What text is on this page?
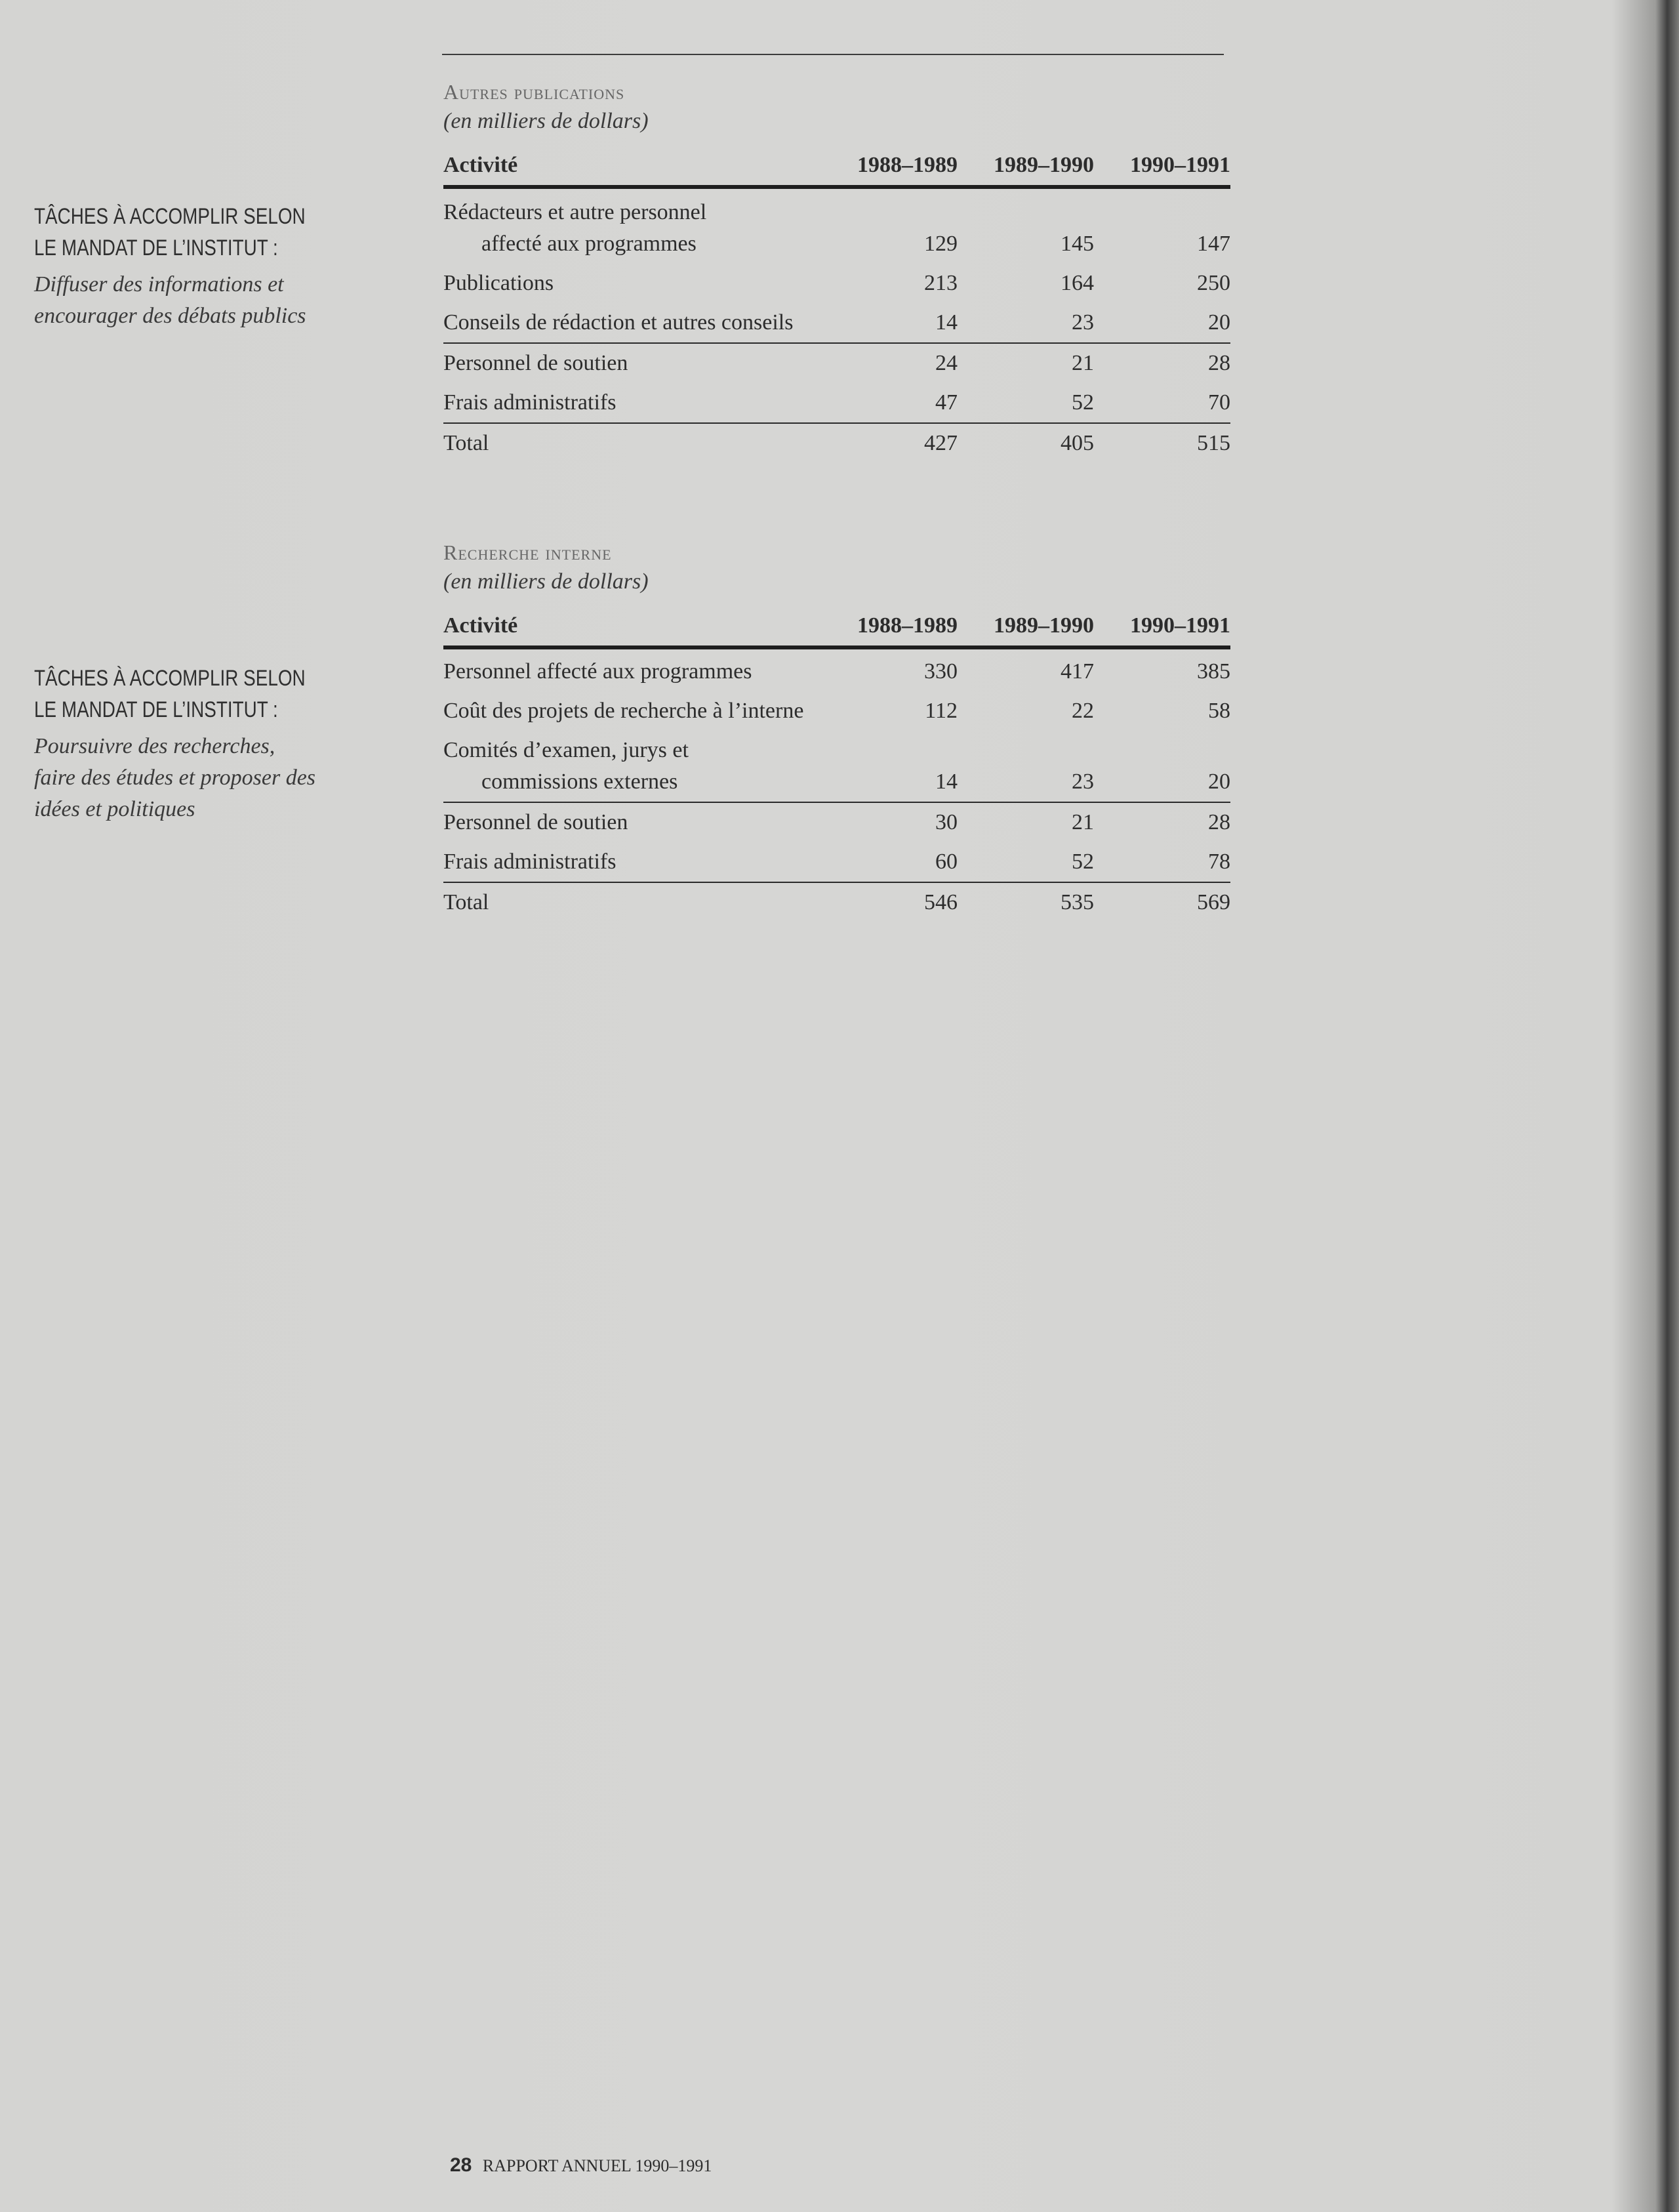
TÂCHES À ACCOMPLIR SELON
LE MANDAT DE L’INSTITUT :
Diffuser des informations et
encourager des débats publics
TÂCHES À ACCOMPLIR SELON
LE MANDAT DE L’INSTITUT :
Poursuivre des recherches,
faire des études et proposer des
idées et politiques
Autres publications
(en milliers de dollars)
Activité	1988–1989	1989–1990	1990–1991
Rédacteurs et autre personnel
affecté aux programmes	129	145	147
Publications	213	164	250
Conseils de rédaction et autres conseils	14	23	20
Personnel de soutien	24	21	28
Frais administratifs	47	52	70
Total	427	405	515
Recherche interne
(en milliers de dollars)
Activité	1988–1989	1989–1990	1990–1991
Personnel affecté aux programmes	330	417	385
Coût des projets de recherche à l’interne	112	22	58
Comités d’examen, jurys et
commissions externes	14	23	20
Personnel de soutien	30	21	28
Frais administratifs	60	52	78
Total	546	535	569
28 RAPPORT ANNUEL 1990–1991
